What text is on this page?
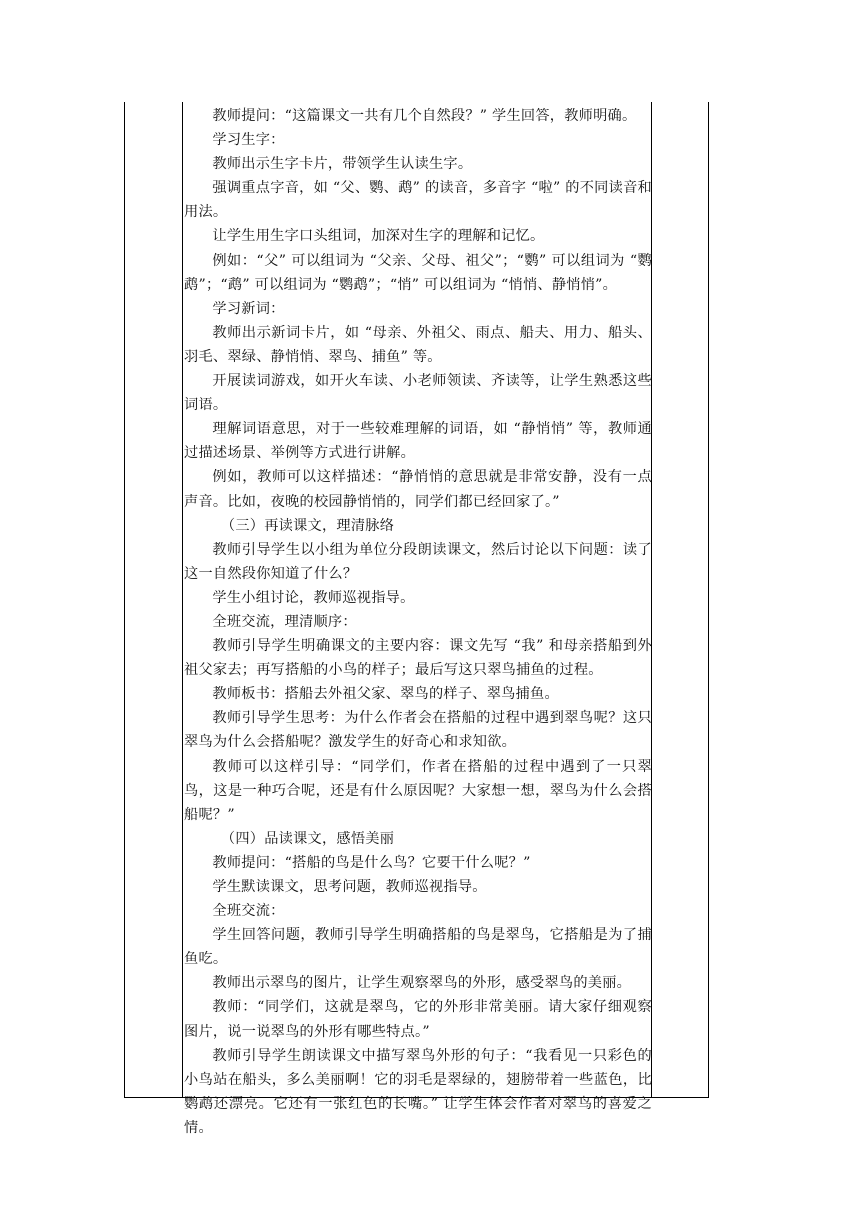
教师提问：“这篇课文一共有几个自然段？” 学生回答，教师明确。

学习生字：

教师出示生字卡片，带领学生认读生字。

强调重点字音，如 “父、鹦、鹉” 的读音，多音字 “啦” 的不同读音和用法。

让学生用生字口头组词，加深对生字的理解和记忆。

例如：“父” 可以组词为 “父亲、父母、祖父”；“鹦” 可以组词为 “鹦鹉”；“鹉” 可以组词为 “鹦鹉”；“悄” 可以组词为 “悄悄、静悄悄”。

学习新词：

教师出示新词卡片，如 “母亲、外祖父、雨点、船夫、用力、船头、羽毛、翠绿、静悄悄、翠鸟、捕鱼” 等。

开展读词游戏，如开火车读、小老师领读、齐读等，让学生熟悉这些词语。

理解词语意思，对于一些较难理解的词语，如 “静悄悄” 等，教师通过描述场景、举例等方式进行讲解。

例如，教师可以这样描述：“静悄悄的意思就是非常安静，没有一点声音。比如，夜晚的校园静悄悄的，同学们都已经回家了。”

（三）再读课文，理清脉络

教师引导学生以小组为单位分段朗读课文，然后讨论以下问题：读了这一自然段你知道了什么？

学生小组讨论，教师巡视指导。

全班交流，理清顺序：

教师引导学生明确课文的主要内容：课文先写 “我” 和母亲搭船到外祖父家去；再写搭船的小鸟的样子；最后写这只翠鸟捕鱼的过程。

教师板书：搭船去外祖父家、翠鸟的样子、翠鸟捕鱼。

教师引导学生思考：为什么作者会在搭船的过程中遇到翠鸟呢？这只翠鸟为什么会搭船呢？激发学生的好奇心和求知欲。

教师可以这样引导：“同学们，作者在搭船的过程中遇到了一只翠鸟，这是一种巧合呢，还是有什么原因呢？大家想一想，翠鸟为什么会搭船呢？”

（四）品读课文，感悟美丽

教师提问：“搭船的鸟是什么鸟？它要干什么呢？”

学生默读课文，思考问题，教师巡视指导。

全班交流：

学生回答问题，教师引导学生明确搭船的鸟是翠鸟，它搭船是为了捕鱼吃。

教师出示翠鸟的图片，让学生观察翠鸟的外形，感受翠鸟的美丽。

教师：“同学们，这就是翠鸟，它的外形非常美丽。请大家仔细观察图片，说一说翠鸟的外形有哪些特点。”

教师引导学生朗读课文中描写翠鸟外形的句子：“我看见一只彩色的小鸟站在船头，多么美丽啊！它的羽毛是翠绿的，翅膀带着一些蓝色，比鹦鹉还漂亮。它还有一张红色的长嘴。” 让学生体会作者对翠鸟的喜爱之情。
